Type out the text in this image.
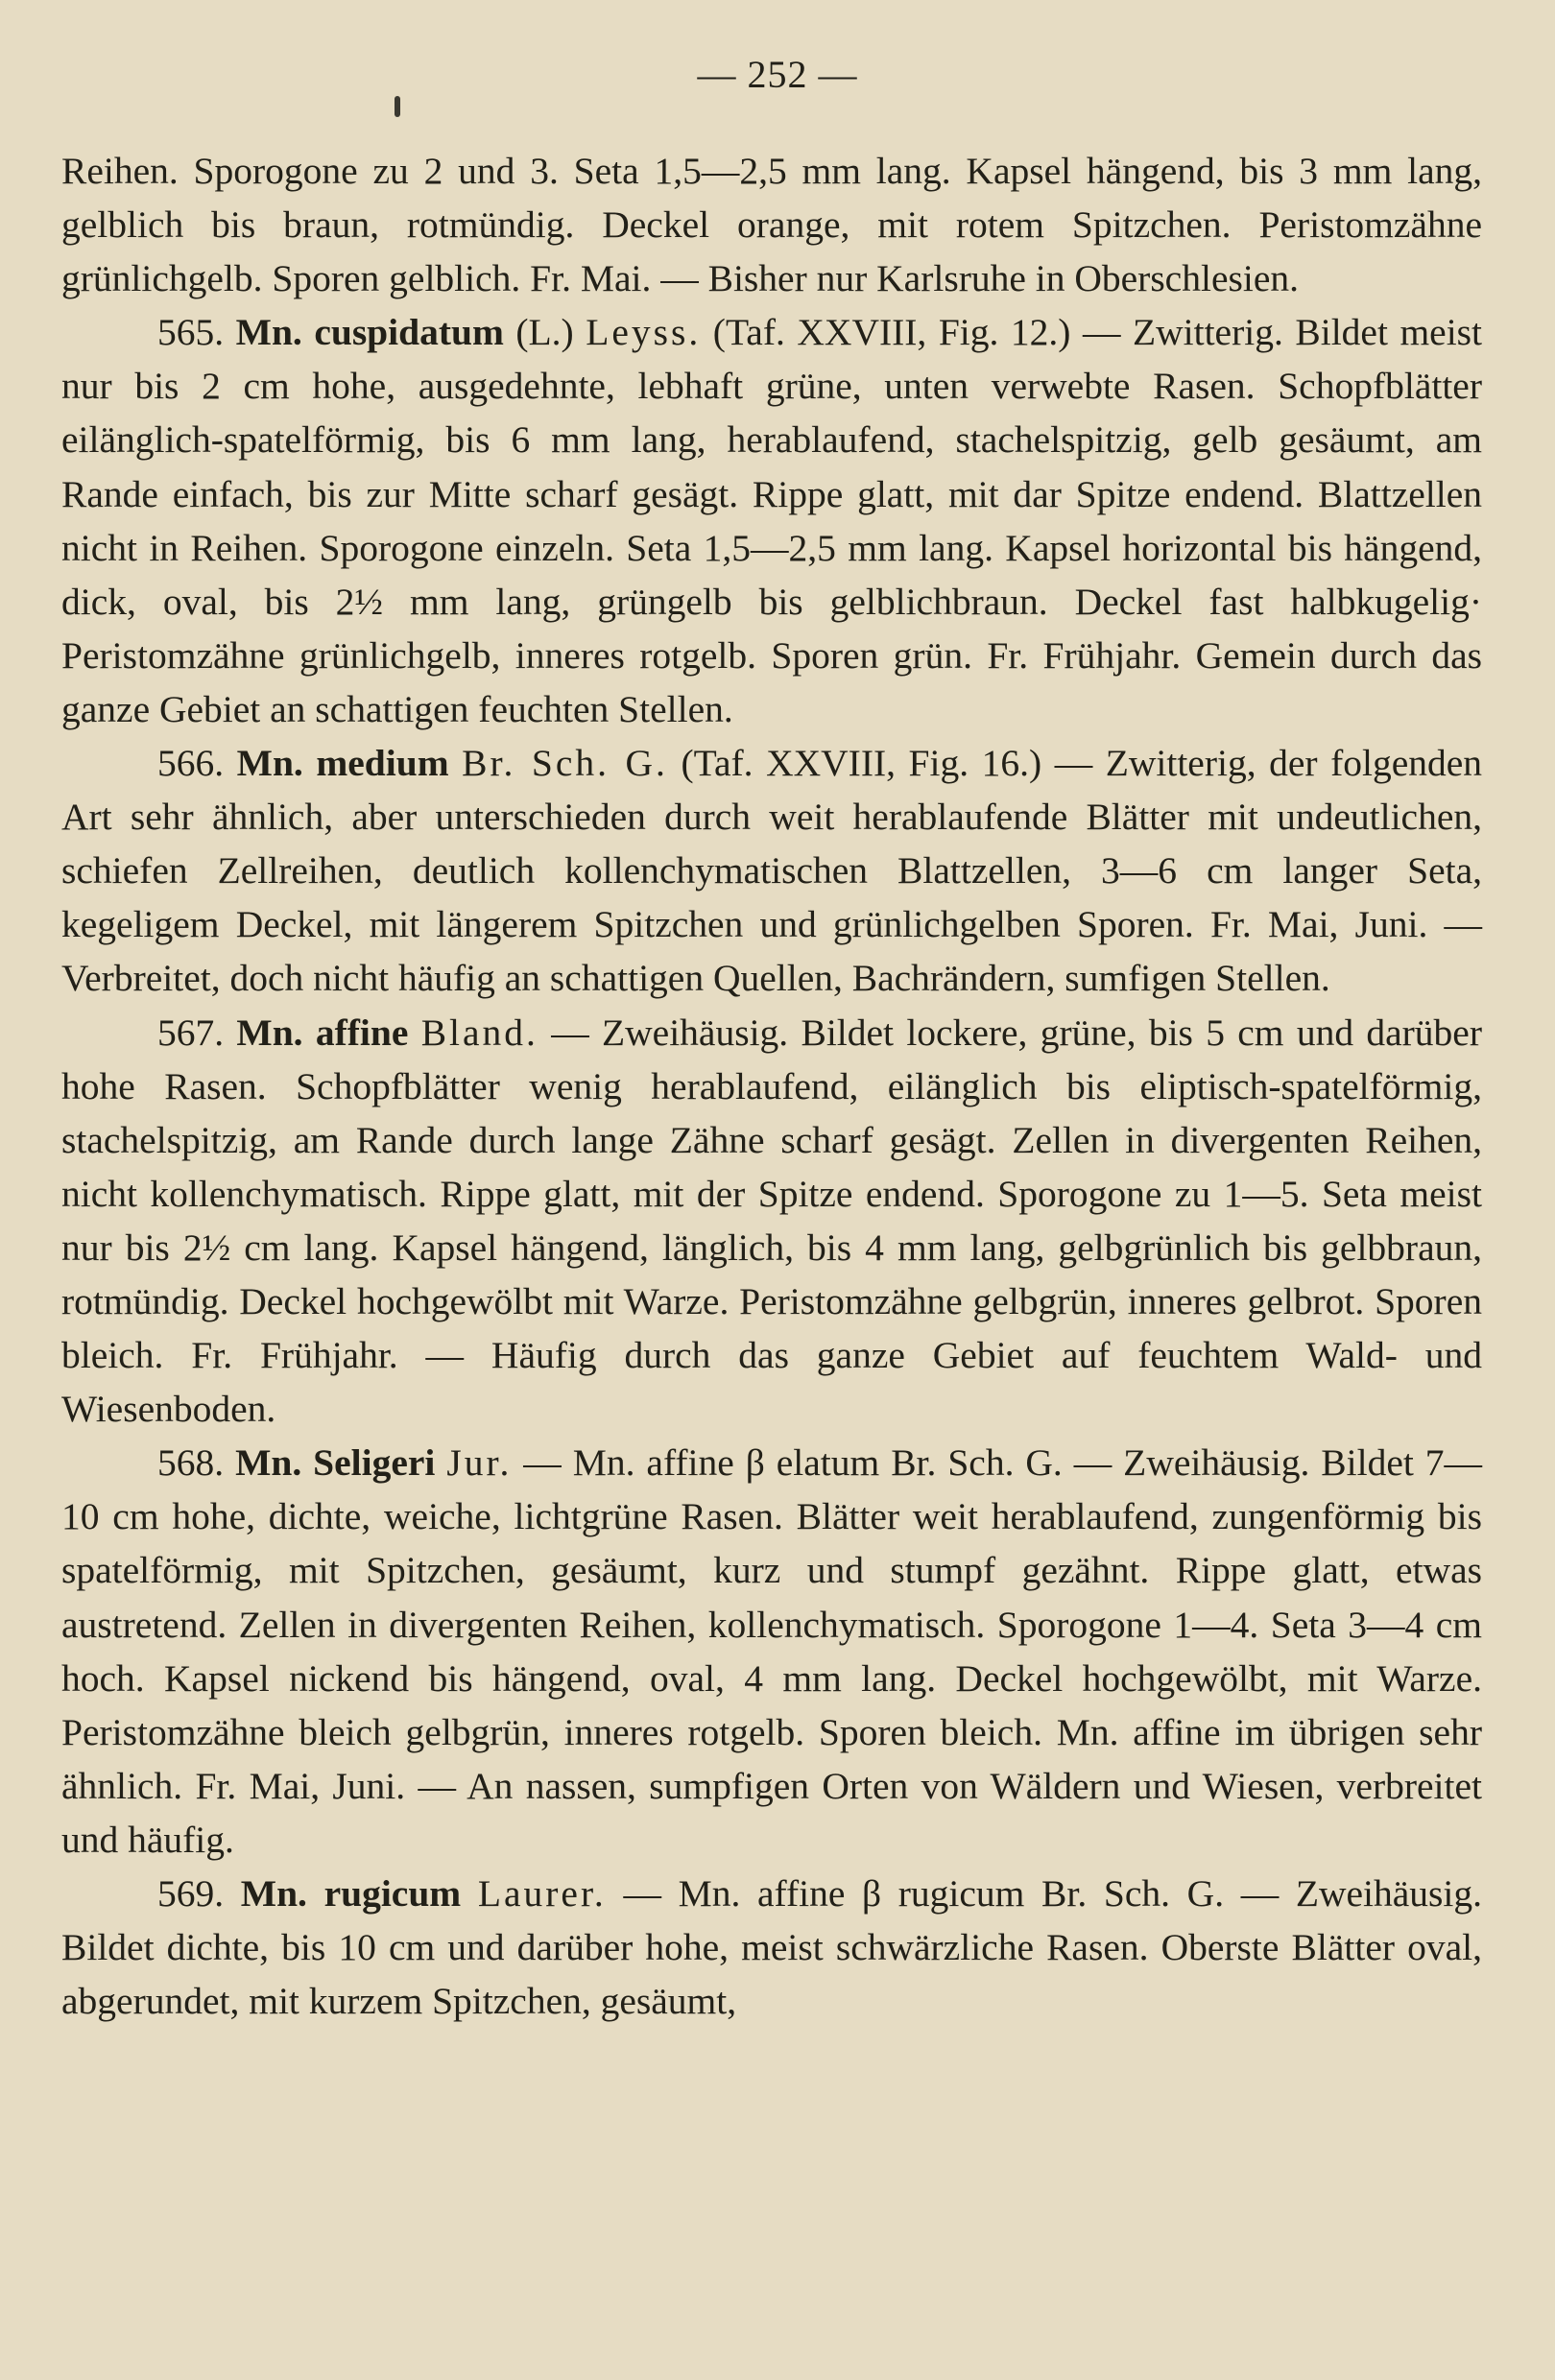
— 252 —

Reihen. Sporogone zu 2 und 3. Seta 1,5—2,5 mm lang. Kapsel hängend, bis 3 mm lang, gelblich bis braun, rotmündig. Deckel orange, mit rotem Spitzchen. Peristomzähne grünlichgelb. Sporen gelblich. Fr. Mai. — Bisher nur Karlsruhe in Oberschlesien.

565. Mn. cuspidatum (L.) Leyss. (Taf. XXVIII, Fig. 12.) — Zwitterig. Bildet meist nur bis 2 cm hohe, ausgedehnte, lebhaft grüne, unten verwebte Rasen. Schopfblätter eilänglich-spatelförmig, bis 6 mm lang, herablaufend, stachelspitzig, gelb gesäumt, am Rande einfach, bis zur Mitte scharf gesägt. Rippe glatt, mit dar Spitze endend. Blattzellen nicht in Reihen. Sporogone einzeln. Seta 1,5—2,5 mm lang. Kapsel horizontal bis hängend, dick, oval, bis 2½ mm lang, grüngelb bis gelblichbraun. Deckel fast halbkugelig· Peristomzähne grünlichgelb, inneres rotgelb. Sporen grün. Fr. Frühjahr. Gemein durch das ganze Gebiet an schattigen feuchten Stellen.

566. Mn. medium Br. Sch. G. (Taf. XXVIII, Fig. 16.) — Zwitterig, der folgenden Art sehr ähnlich, aber unterschieden durch weit herablaufende Blätter mit undeutlichen, schiefen Zellreihen, deutlich kollenchymatischen Blattzellen, 3—6 cm langer Seta, kegeligem Deckel, mit längerem Spitzchen und grünlichgelben Sporen. Fr. Mai, Juni. — Verbreitet, doch nicht häufig an schattigen Quellen, Bachrändern, sumfigen Stellen.

567. Mn. affine Bland. — Zweihäusig. Bildet lockere, grüne, bis 5 cm und darüber hohe Rasen. Schopfblätter wenig herablaufend, eilänglich bis eliptisch-spatelförmig, stachelspitzig, am Rande durch lange Zähne scharf gesägt. Zellen in divergenten Reihen, nicht kollenchymatisch. Rippe glatt, mit der Spitze endend. Sporogone zu 1—5. Seta meist nur bis 2½ cm lang. Kapsel hängend, länglich, bis 4 mm lang, gelbgrünlich bis gelbbraun, rotmündig. Deckel hochgewölbt mit Warze. Peristomzähne gelbgrün, inneres gelbrot. Sporen bleich. Fr. Frühjahr. — Häufig durch das ganze Gebiet auf feuchtem Wald- und Wiesenboden.

568. Mn. Seligeri Jur. — Mn. affine β elatum Br. Sch. G. — Zweihäusig. Bildet 7—10 cm hohe, dichte, weiche, lichtgrüne Rasen. Blätter weit herablaufend, zungenförmig bis spatelförmig, mit Spitzchen, gesäumt, kurz und stumpf gezähnt. Rippe glatt, etwas austretend. Zellen in divergenten Reihen, kollenchymatisch. Sporogone 1—4. Seta 3—4 cm hoch. Kapsel nickend bis hängend, oval, 4 mm lang. Deckel hochgewölbt, mit Warze. Peristomzähne bleich gelbgrün, inneres rotgelb. Sporen bleich. Mn. affine im übrigen sehr ähnlich. Fr. Mai, Juni. — An nassen, sumpfigen Orten von Wäldern und Wiesen, verbreitet und häufig.

569. Mn. rugicum Laurer. — Mn. affine β rugicum Br. Sch. G. — Zweihäusig. Bildet dichte, bis 10 cm und darüber hohe, meist schwärzliche Rasen. Oberste Blätter oval, abgerundet, mit kurzem Spitzchen, gesäumt,
